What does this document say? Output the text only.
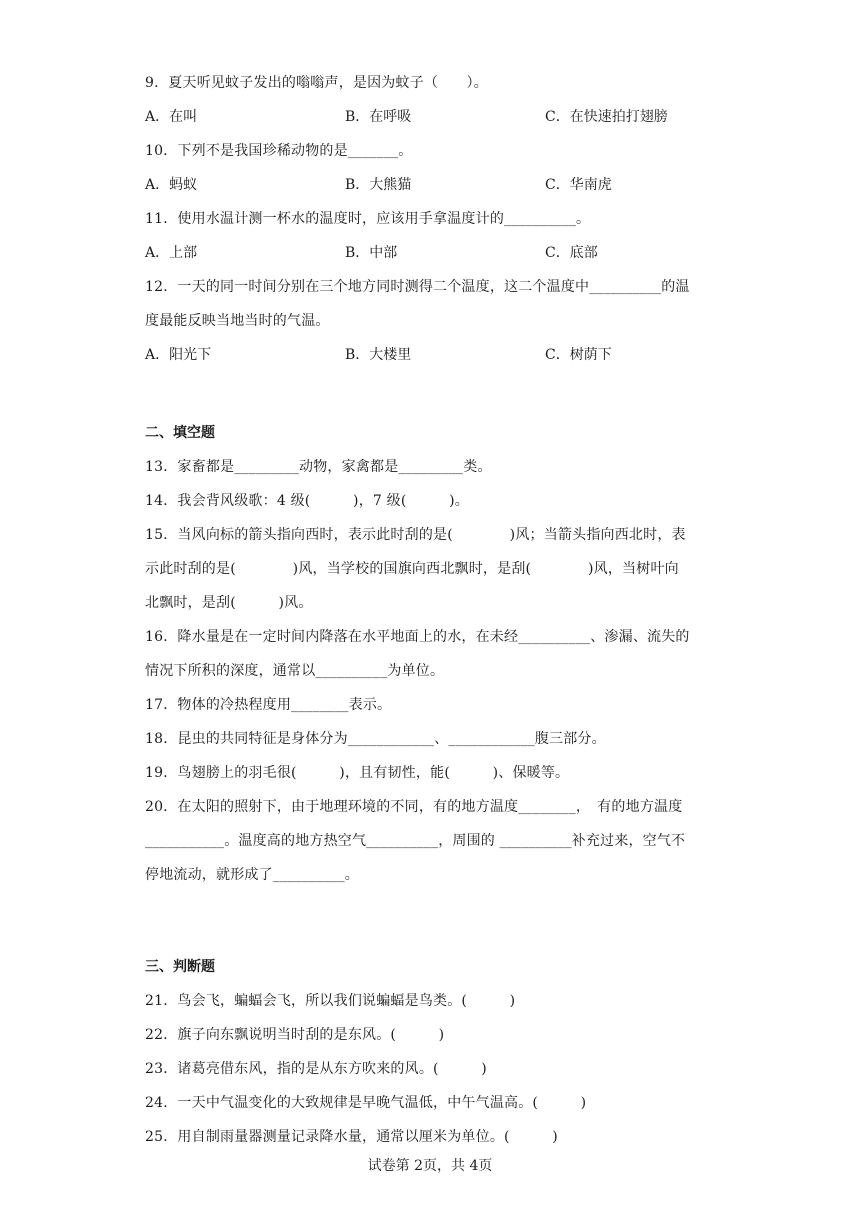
9．夏天听见蚊子发出的嗡嗡声，是因为蚊子（　　）。
A．在叫	B．在呼吸	C．在快速拍打翅膀
10．下列不是我国珍稀动物的是_______。
A．蚂蚁	B．大熊猫	C．华南虎
11．使用水温计测一杯水的温度时，应该用手拿温度计的__________。
A．上部	B．中部	C．底部
12．一天的同一时间分别在三个地方同时测得二个温度，这二个温度中__________的温
度最能反映当地当时的气温。
A．阳光下	B．大楼里	C．树荫下
二、填空题
13．家畜都是_________动物，家禽都是_________类。
14．我会背风级歌：4 级(　　　)，7 级(　　　)。
15．当风向标的箭头指向西时，表示此时刮的是(　　　　)风；当箭头指向西北时，表
示此时刮的是(　　　　)风，当学校的国旗向西北飘时，是刮(　　　　)风，当树叶向
北飘时，是刮(　　　)风。
16．降水量是在一定时间内降落在水平地面上的水，在未经__________、渗漏、流失的
情况下所积的深度，通常以__________为单位。
17．物体的冷热程度用________表示。
18．昆虫的共同特征是身体分为____________、____________腹三部分。
19．鸟翅膀上的羽毛很(　　　)，且有韧性，能(　　　)、保暖等。
20．在太阳的照射下，由于地理环境的不同，有的地方温度________，　有的地方温度
___________。温度高的地方热空气__________，周围的 __________补充过来，空气不
停地流动，就形成了__________。
三、判断题
21．鸟会飞，蝙蝠会飞，所以我们说蝙蝠是鸟类。(　　　)
22．旗子向东飘说明当时刮的是东风。(　　　)
23．诸葛亮借东风，指的是从东方吹来的风。(　　　)
24．一天中气温变化的大致规律是早晚气温低，中午气温高。(　　　)
25．用自制雨量器测量记录降水量，通常以厘米为单位。(　　　)
试卷第 2页，共 4页
